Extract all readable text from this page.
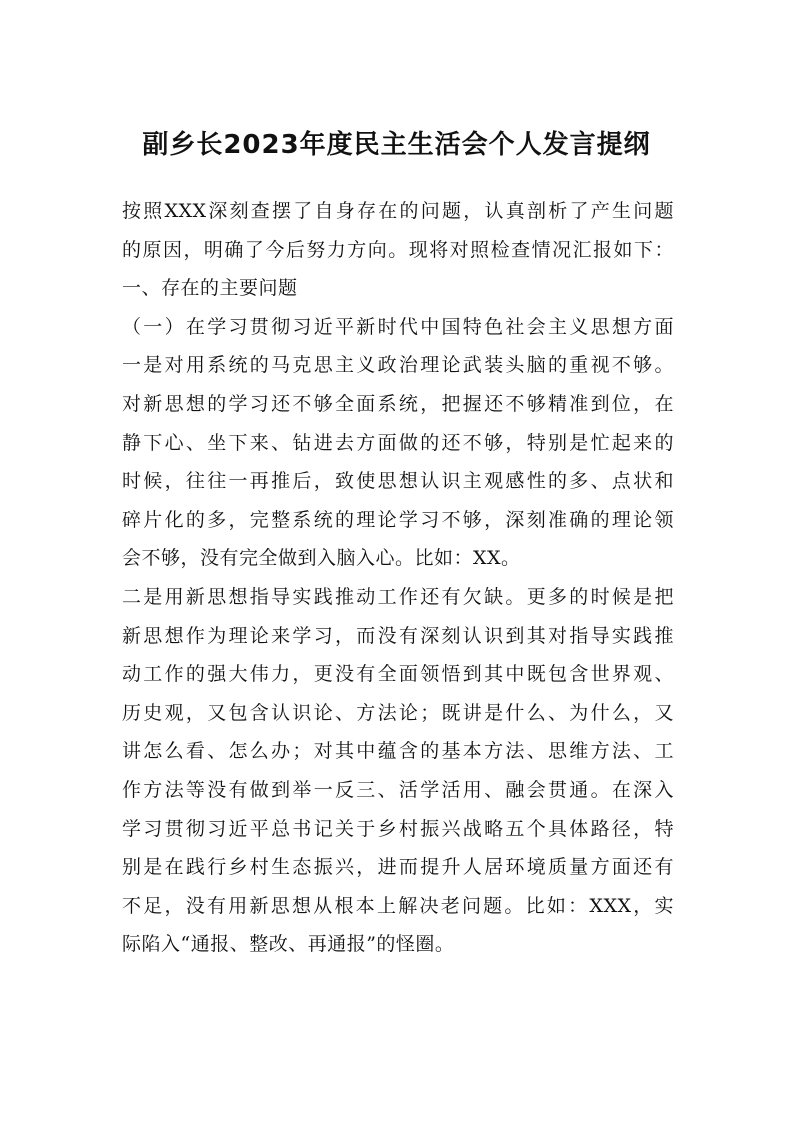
副乡长2023年度民主生活会个人发言提纲
按照XXX深刻查摆了自身存在的问题，认真剖析了产生问题
的原因，明确了今后努力方向。现将对照检查情况汇报如下：
一、存在的主要问题
（一）在学习贯彻习近平新时代中国特色社会主义思想方面
一是对用系统的马克思主义政治理论武装头脑的重视不够。
对新思想的学习还不够全面系统，把握还不够精准到位，在
静下心、坐下来、钻进去方面做的还不够，特别是忙起来的
时候，往往一再推后，致使思想认识主观感性的多、点状和
碎片化的多，完整系统的理论学习不够，深刻准确的理论领
会不够，没有完全做到入脑入心。比如：XX。
二是用新思想指导实践推动工作还有欠缺。更多的时候是把
新思想作为理论来学习，而没有深刻认识到其对指导实践推
动工作的强大伟力，更没有全面领悟到其中既包含世界观、
历史观，又包含认识论、方法论；既讲是什么、为什么，又
讲怎么看、怎么办；对其中蕴含的基本方法、思维方法、工
作方法等没有做到举一反三、活学活用、融会贯通。在深入
学习贯彻习近平总书记关于乡村振兴战略五个具体路径，特
别是在践行乡村生态振兴，进而提升人居环境质量方面还有
不足，没有用新思想从根本上解决老问题。比如：XXX，实
际陷入“通报、整改、再通报”的怪圈。
